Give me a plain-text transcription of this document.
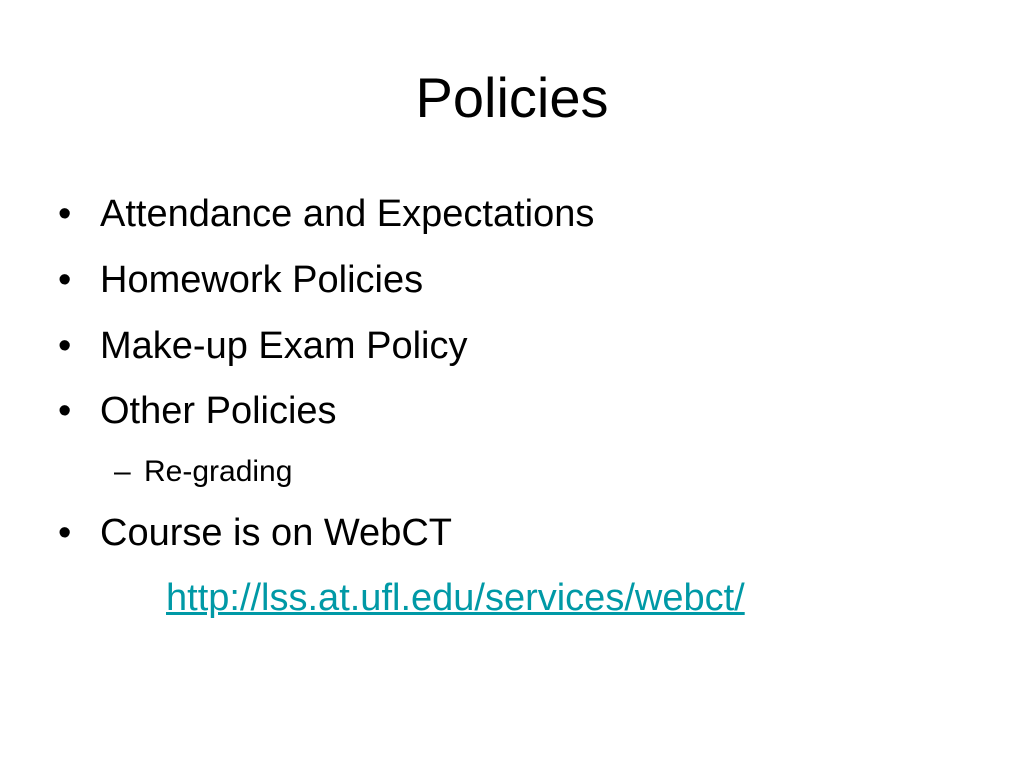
Policies
• Attendance and Expectations
• Homework Policies
• Make-up Exam Policy
• Other Policies
– Re-grading
• Course is on WebCT
http://lss.at.ufl.edu/services/webct/
